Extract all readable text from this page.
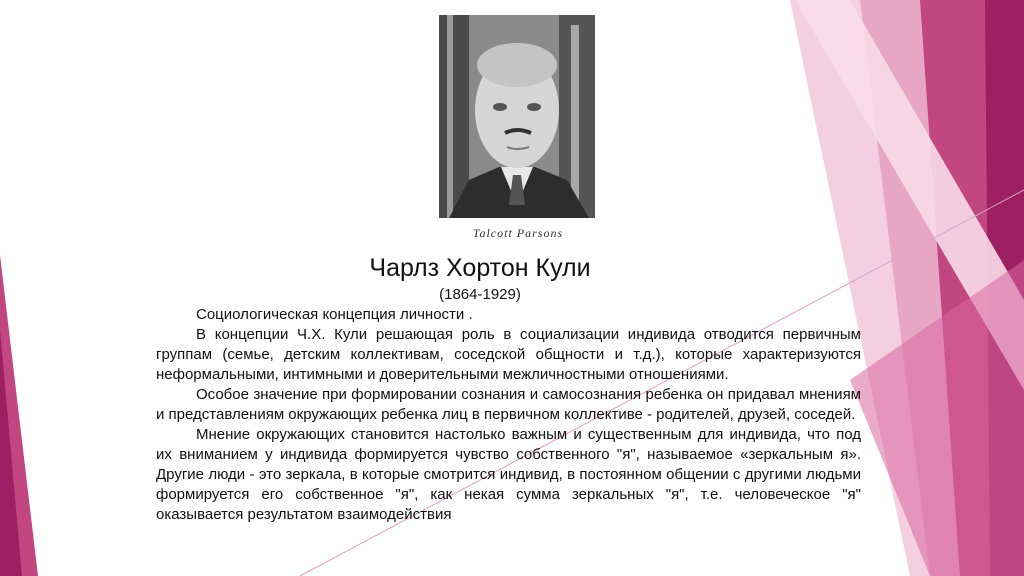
Talcott Parsons
Чарлз Хортон Кули
(1864-1929)

Социологическая концепция личности .

В концепции Ч.Х. Кули решающая роль в социализации индивида отводится первичным группам (семье, детским коллективам, соседской общности и т.д.), которые характеризуются неформальными, интимными и доверительными межличностными отношениями.

Особое значение при формировании сознания и самосознания ребенка он придавал мнениям и представлениям окружающих ребенка лиц в первичном коллективе - родителей, друзей, соседей.

Мнение окружающих становится настолько важным и существенным для индивида, что под их вниманием у индивида формируется чувство собственного "я", называемое «зеркальным я». Другие люди - это зеркала, в которые смотрится индивид, в постоянном общении с другими людьми формируется его собственное "я", как некая сумма зеркальных "я", т.е. человеческое "я" оказывается результатом взаимодействия
